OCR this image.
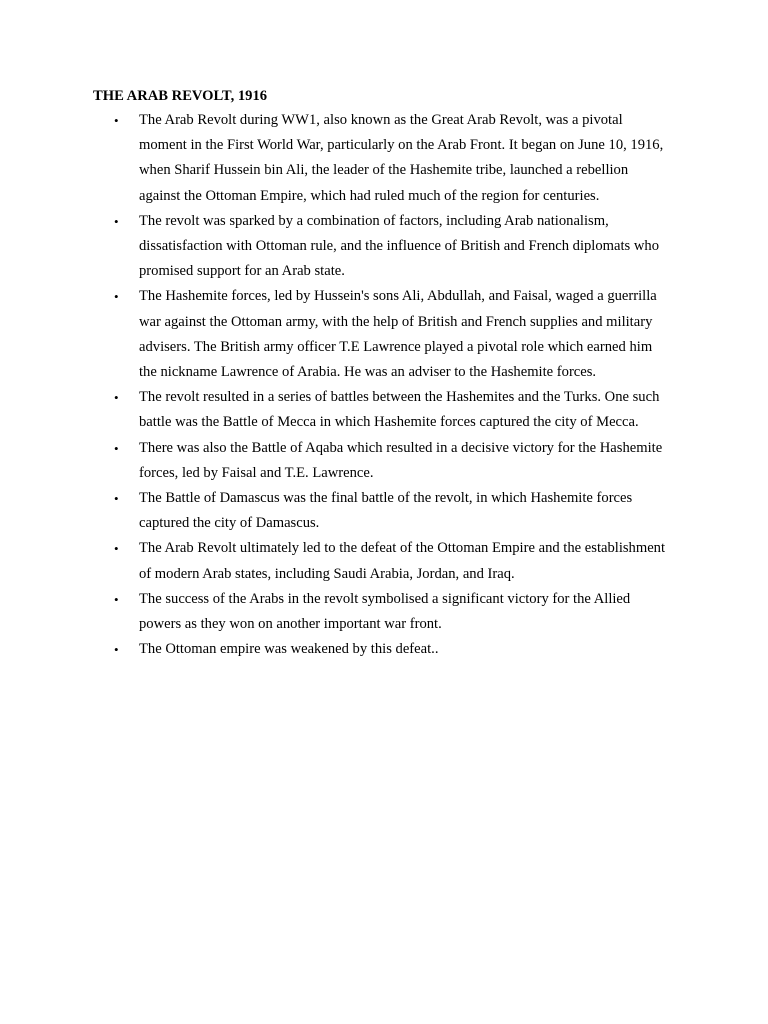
THE ARAB REVOLT, 1916
• The Arab Revolt during WW1, also known as the Great Arab Revolt, was a pivotal moment in the First World War, particularly on the Arab Front. It began on June 10, 1916, when Sharif Hussein bin Ali, the leader of the Hashemite tribe, launched a rebellion against the Ottoman Empire, which had ruled much of the region for centuries.
• The revolt was sparked by a combination of factors, including Arab nationalism, dissatisfaction with Ottoman rule, and the influence of British and French diplomats who promised support for an Arab state.
• The Hashemite forces, led by Hussein's sons Ali, Abdullah, and Faisal, waged a guerrilla war against the Ottoman army, with the help of British and French supplies and military advisers. The British army officer T.E Lawrence played a pivotal role which earned him the nickname Lawrence of Arabia. He was an adviser to the Hashemite forces.
• The revolt resulted in a series of battles between the Hashemites and the Turks. One such battle was the Battle of Mecca in which Hashemite forces captured the city of Mecca.
• There was also the Battle of Aqaba which resulted in a decisive victory for the Hashemite forces, led by Faisal and T.E. Lawrence.
• The Battle of Damascus was the final battle of the revolt, in which Hashemite forces captured the city of Damascus.
• The Arab Revolt ultimately led to the defeat of the Ottoman Empire and the establishment of modern Arab states, including Saudi Arabia, Jordan, and Iraq.
• The success of the Arabs in the revolt symbolised a significant victory for the Allied powers as they won on another important war front.
• The Ottoman empire was weakened by this defeat..
